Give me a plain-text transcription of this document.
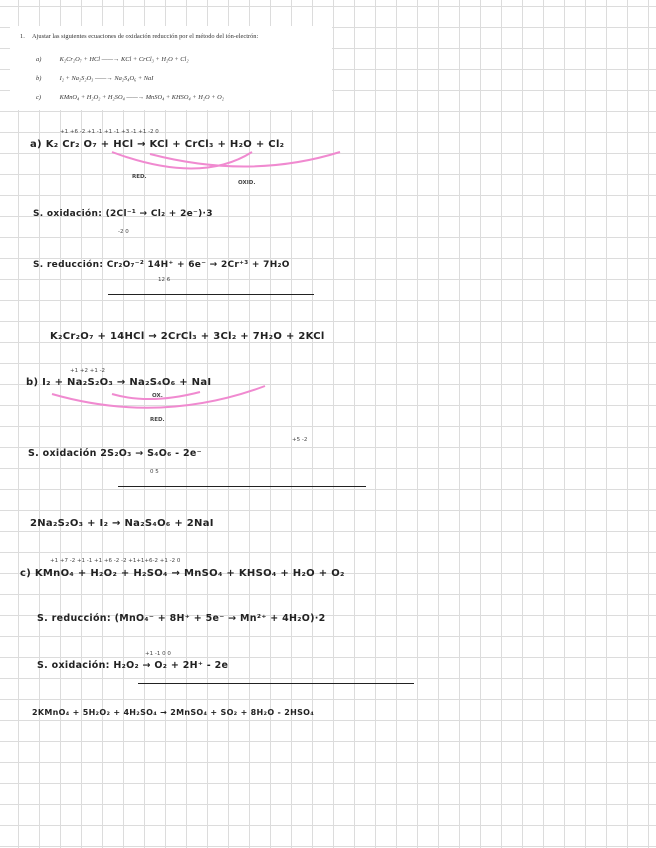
1. Ajustar las siguientes ecuaciones de oxidación reducción por el método del ión-electrón:
a)	K₂Cr₂O₇ + HCl ——→ KCl + CrCl₃ + H₂O + Cl₂
b)	I₂ + Na₂S₂O₃ ——→ Na₂S₄O₆ + NaI
c)	KMnO₄ + H₂O₂ + H₂SO₄ ——→ MnSO₄ + KHSO₄ + H₂O + O₂
+1 +6 -2 +1 -1 +1 -1 +3 -1 +1 -2 0
a) K₂ Cr₂ O₇ + HCl → KCl + CrCl₃ + H₂O + Cl₂
RED.
OXID.
S. oxidación: (2Cl⁻¹ → Cl₂ + 2e⁻)·3
-2 0
S. reducción: Cr₂O₇⁻² 14H⁺ + 6e⁻ → 2Cr⁺³ + 7H₂O
12 6
K₂Cr₂O₇ + 14HCl → 2CrCl₃ + 3Cl₂ + 7H₂O + 2KCl
+1 +2 +1 -2
b) I₂ + Na₂S₂O₃ → Na₂S₄O₆ + NaI
OX.
RED.
+5 -2
S. oxidación 2S₂O₃ → S₄O₆ - 2e⁻
0 5
2Na₂S₂O₃ + I₂ → Na₂S₄O₆ + 2NaI
+1 +7 -2 +1 -1 +1 +6 -2 -2 +1+1+6-2 +1 -2 0
c) KMnO₄ + H₂O₂ + H₂SO₄ → MnSO₄ + KHSO₄ + H₂O + O₂
S. reducción: (MnO₄⁻ + 8H⁺ + 5e⁻ → Mn²⁺ + 4H₂O)·2
+1 -1 0 0
S. oxidación: H₂O₂ → O₂ + 2H⁺ - 2e
2KMnO₄ + 5H₂O₂ + 4H₂SO₄ → 2MnSO₄ + SO₂ + 8H₂O - 2HSO₄
